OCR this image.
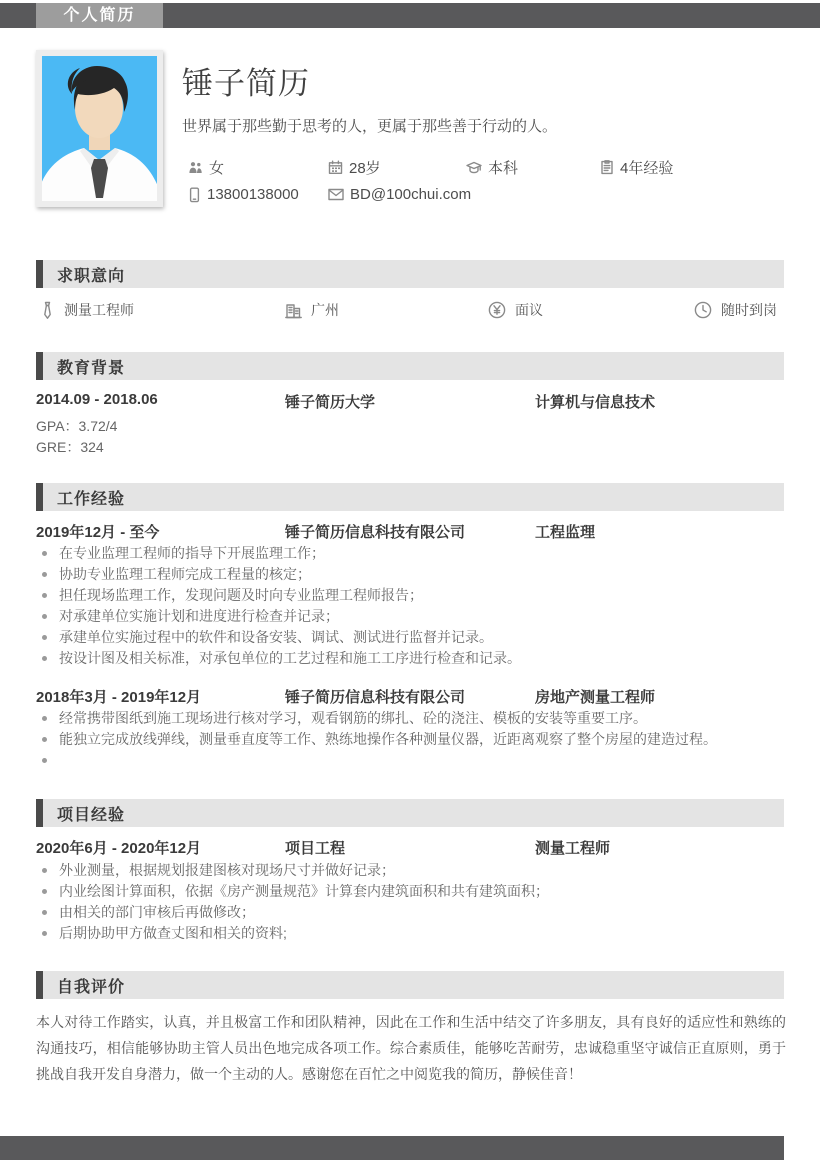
个人简历
锤子简历
世界属于那些勤于思考的人，更属于那些善于行动的人。
女	28岁	本科	4年经验
13800138000	BD@100chui.com
求职意向
测量工程师	广州	面议	随时到岗
教育背景
2014.09 - 2018.06	锤子简历大学	计算机与信息技术
GPA：3.72/4
GRE：324
工作经验
2019年12月 - 至今	锤子简历信息科技有限公司	工程监理
在专业监理工程师的指导下开展监理工作；
协助专业监理工程师完成工程量的核定；
担任现场监理工作，发现问题及时向专业监理工程师报告；
对承建单位实施计划和进度进行检查并记录；
承建单位实施过程中的软件和设备安装、调试、测试进行监督并记录。
按设计图及相关标准，对承包单位的工艺过程和施工工序进行检查和记录。
2018年3月 - 2019年12月	锤子简历信息科技有限公司	房地产测量工程师
经常携带图纸到施工现场进行核对学习，观看钢筋的绑扎、砼的浇注、模板的安装等重要工序。
能独立完成放线弹线，测量垂直度等工作、熟练地操作各种测量仪器，近距离观察了整个房屋的建造过程。
项目经验
2020年6月 - 2020年12月	项目工程	测量工程师
外业测量，根据规划报建图核对现场尺寸并做好记录；
内业绘图计算面积，依据《房产测量规范》计算套内建筑面积和共有建筑面积；
由相关的部门审核后再做修改；
后期协助甲方做查丈图和相关的资料;
自我评价
本人对待工作踏实，认真，并且极富工作和团队精神，因此在工作和生活中结交了许多朋友，具有良好的适应性和熟练的沟通技巧，相信能够协助主管人员出色地完成各项工作。综合素质佳，能够吃苦耐劳，忠诚稳重坚守诚信正直原则，勇于挑战自我开发自身潜力，做一个主动的人。感谢您在百忙之中阅览我的简历，静候佳音！
